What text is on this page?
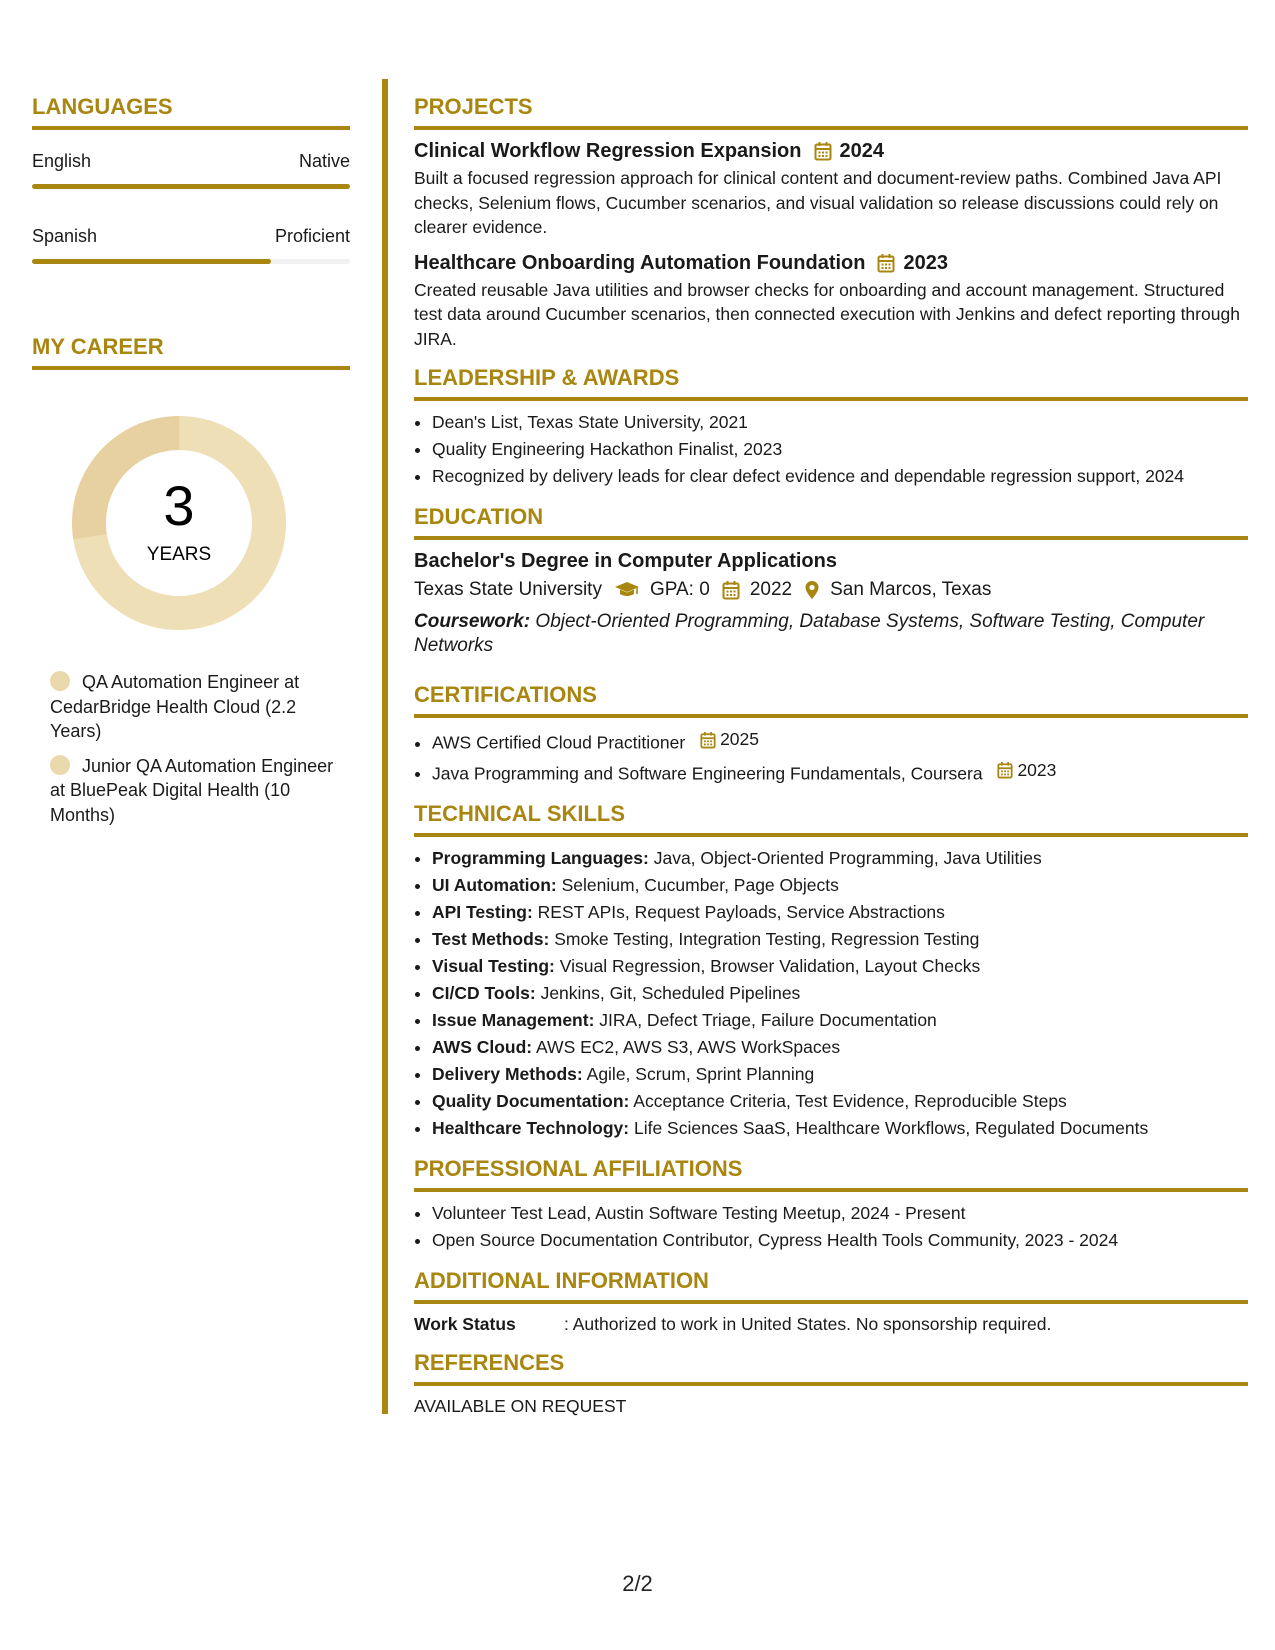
LANGUAGES
English	Native
Spanish	Proficient
MY CAREER
3
YEARS
QA Automation Engineer at CedarBridge Health Cloud (2.2 Years)
Junior QA Automation Engineer at BluePeak Digital Health (10 Months)
PROJECTS
Clinical Workflow Regression Expansion 2024
Built a focused regression approach for clinical content and document-review paths. Combined Java API checks, Selenium flows, Cucumber scenarios, and visual validation so release discussions could rely on clearer evidence.
Healthcare Onboarding Automation Foundation 2023
Created reusable Java utilities and browser checks for onboarding and account management. Structured test data around Cucumber scenarios, then connected execution with Jenkins and defect reporting through JIRA.
LEADERSHIP & AWARDS
• Dean's List, Texas State University, 2021
• Quality Engineering Hackathon Finalist, 2023
• Recognized by delivery leads for clear defect evidence and dependable regression support, 2024
EDUCATION
Bachelor's Degree in Computer Applications
Texas State University	GPA: 0 2022 San Marcos, Texas
Coursework: Object-Oriented Programming, Database Systems, Software Testing, Computer Networks
CERTIFICATIONS
• AWS Certified Cloud Practitioner 2025
• Java Programming and Software Engineering Fundamentals, Coursera 2023
TECHNICAL SKILLS
• Programming Languages: Java, Object-Oriented Programming, Java Utilities
• UI Automation: Selenium, Cucumber, Page Objects
• API Testing: REST APIs, Request Payloads, Service Abstractions
• Test Methods: Smoke Testing, Integration Testing, Regression Testing
• Visual Testing: Visual Regression, Browser Validation, Layout Checks
• CI/CD Tools: Jenkins, Git, Scheduled Pipelines
• Issue Management: JIRA, Defect Triage, Failure Documentation
• AWS Cloud: AWS EC2, AWS S3, AWS WorkSpaces
• Delivery Methods: Agile, Scrum, Sprint Planning
• Quality Documentation: Acceptance Criteria, Test Evidence, Reproducible Steps
• Healthcare Technology: Life Sciences SaaS, Healthcare Workflows, Regulated Documents
PROFESSIONAL AFFILIATIONS
• Volunteer Test Lead, Austin Software Testing Meetup, 2024 - Present
• Open Source Documentation Contributor, Cypress Health Tools Community, 2023 - 2024
ADDITIONAL INFORMATION
Work Status	: Authorized to work in United States. No sponsorship required.
REFERENCES
AVAILABLE ON REQUEST
2/2
